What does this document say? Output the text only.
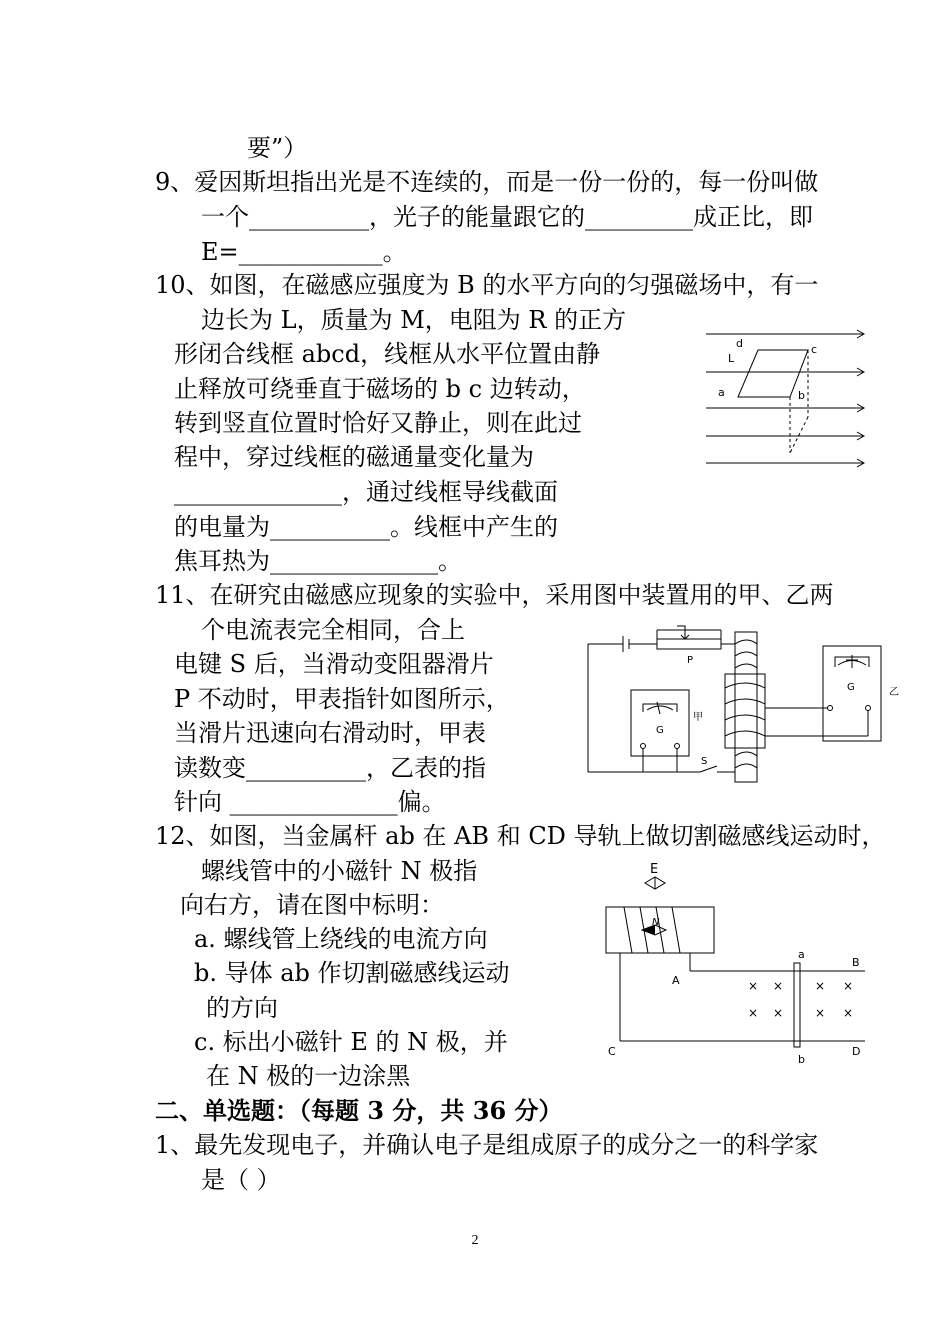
要”）
9、爱因斯坦指出光是不连续的，而是一份一份的，每一份叫做
一个__________，光子的能量跟它的_________成正比，即
E=____________。
10、如图，在磁感应强度为 B 的水平方向的匀强磁场中，有一
边长为 L，质量为 M，电阻为 R 的正方
形闭合线框 abcd，线框从水平位置由静
止释放可绕垂直于磁场的 b c 边转动，
转到竖直位置时恰好又静止，则在此过
程中，穿过线框的磁通量变化量为
______________，通过线框导线截面
的电量为__________。线框中产生的
焦耳热为______________。
11、在研究由磁感应现象的实验中，采用图中装置用的甲、乙两
个电流表完全相同，合上
电键 S 后，当滑动变阻器滑片
P 不动时，甲表指针如图所示，
当滑片迅速向右滑动时，甲表
读数变__________，乙表的指
针向 ______________偏。
12、如图，当金属杆 ab 在 AB 和 CD 导轨上做切割磁感线运动时，
螺线管中的小磁针 N 极指
向右方，请在图中标明：
a. 螺线管上绕线的电流方向
b. 导体 ab 作切割磁感线运动
的方向
c. 标出小磁针 E 的 N 极，并
在 N 极的一边涂黑
二、单选题：（每题 3 分，共 36 分）
1、最先发现电子，并确认电子是组成原子的成分之一的科学家
是（ ）
d	c
L
a	b
P
甲
G
S
G	乙
E
N
A
a
B
C
b
D
× ×	× ×
× ×	× ×
2
